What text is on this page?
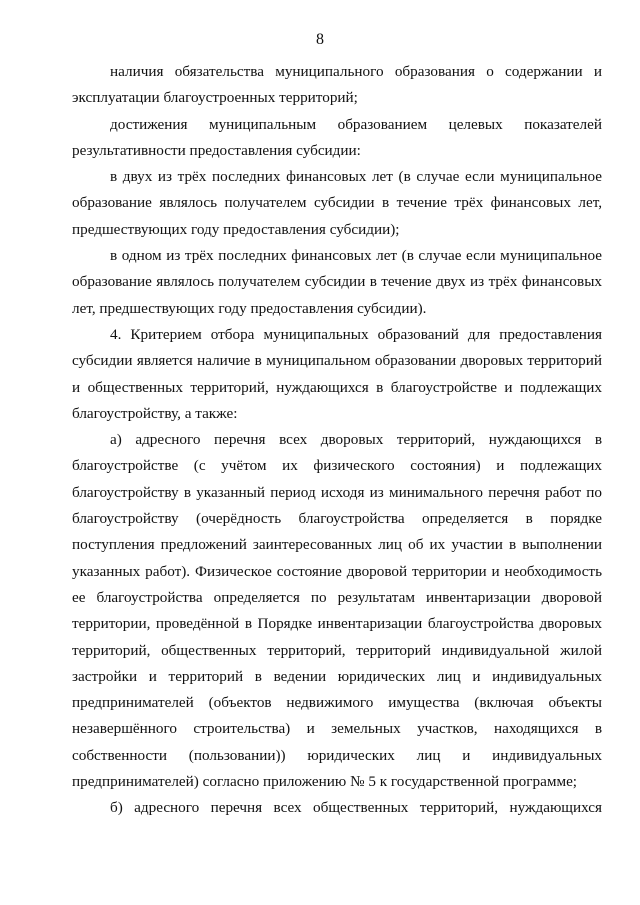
8

наличия обязательства муниципального образования о содержании и эксплуатации благоустроенных территорий;

достижения муниципальным образованием целевых показателей результативности предоставления субсидии:

в двух из трёх последних финансовых лет (в случае если муниципальное образование являлось получателем субсидии в течение трёх финансовых лет, предшествующих году предоставления субсидии);

в одном из трёх последних финансовых лет (в случае если муниципальное образование являлось получателем субсидии в течение двух из трёх финансовых лет, предшествующих году предоставления субсидии).

4. Критерием отбора муниципальных образований для предоставления субсидии является наличие в муниципальном образовании дворовых территорий и общественных территорий, нуждающихся в благоустройстве и подлежащих благоустройству, а также:

а) адресного перечня всех дворовых территорий, нуждающихся в благоустройстве (с учётом их физического состояния) и подлежащих благоустройству в указанный период исходя из минимального перечня работ по благоустройству (очерёдность благоустройства определяется в порядке поступления предложений заинтересованных лиц об их участии в выполнении указанных работ). Физическое состояние дворовой территории и необходимость ее благоустройства определяется по результатам инвентаризации дворовой территории, проведённой в Порядке инвентаризации благоустройства дворовых территорий, общественных территорий, территорий индивидуальной жилой застройки и территорий в ведении юридических лиц и индивидуальных предпринимателей (объектов недвижимого имущества (включая объекты незавершённого строительства) и земельных участков, находящихся в собственности (пользовании)) юридических лиц и индивидуальных предпринимателей) согласно приложению № 5 к государственной программе;

б) адресного перечня всех общественных территорий, нуждающихся
